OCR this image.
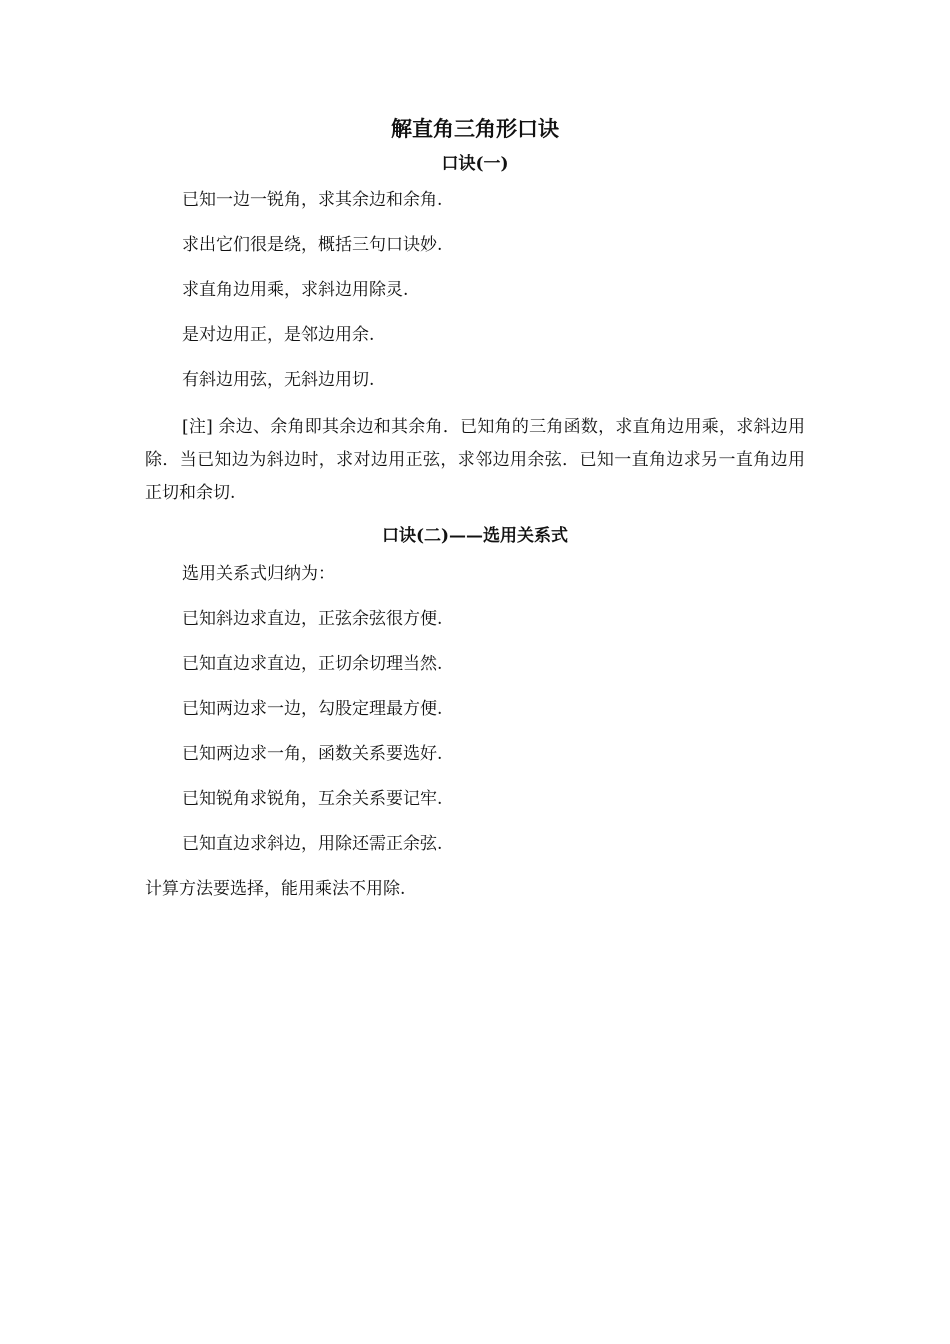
解直角三角形口诀
口诀(一)

已知一边一锐角，求其余边和余角.

求出它们很是绕，概括三句口诀妙.

求直角边用乘，求斜边用除灵.

是对边用正，是邻边用余.

有斜边用弦，无斜边用切.

[注] 余边、余角即其余边和其余角．已知角的三角函数，求直角边用乘，求斜边用除．当已知边为斜边时，求对边用正弦，求邻边用余弦．已知一直角边求另一直角边用正切和余切.

口诀(二)——选用关系式

选用关系式归纳为：

已知斜边求直边，正弦余弦很方便.

已知直边求直边，正切余切理当然.

已知两边求一边，勾股定理最方便.

已知两边求一角，函数关系要选好.

已知锐角求锐角，互余关系要记牢.

已知直边求斜边，用除还需正余弦.

计算方法要选择，能用乘法不用除.
